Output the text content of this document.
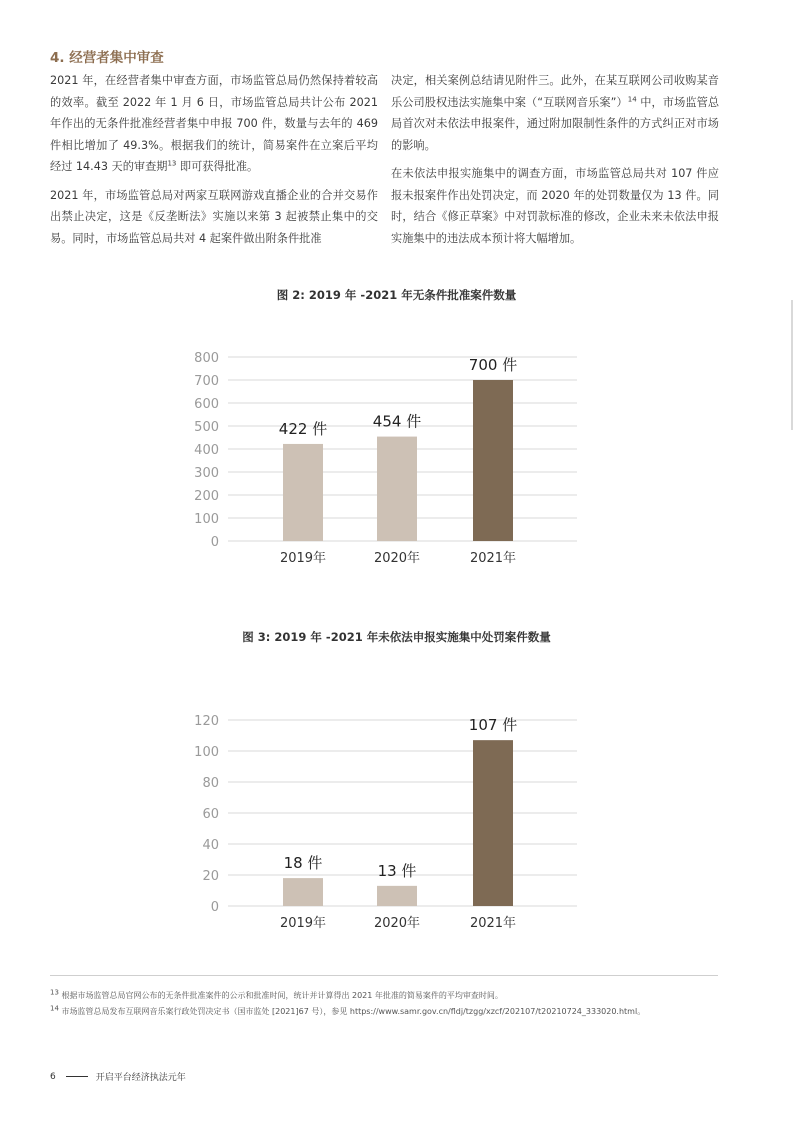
4. 经营者集中审查

2021 年，在经营者集中审查方面，市场监管总局仍然保持着较高的效率。截至 2022 年 1 月 6 日，市场监管总局共计公布 2021 年作出的无条件批准经营者集中申报 700 件，数量与去年的 469 件相比增加了 49.3%。根据我们的统计，简易案件在立案后平均经过 14.43 天的审查期$^{13}$ 即可获得批准。

2021 年，市场监管总局对两家互联网游戏直播企业的合并交易作出禁止决定，这是《反垄断法》实施以来第 3 起被禁止集中的交易。同时，市场监管总局共对 4 起案件做出附条件批准

决定，相关案例总结请见附件三。此外，在某互联网公司收购某音乐公司股权违法实施集中案（“互联网音乐案”）$^{14}$ 中，市场监管总局首次对未依法申报案件，通过附加限制性条件的方式纠正对市场的影响。

在未依法申报实施集中的调查方面，市场监管总局共对 107 件应报未报案件作出处罚决定，而 2020 年的处罚数量仅为 13 件。同时，结合《修正草案》中对罚款标准的修改，企业未来未依法申报实施集中的违法成本预计将大幅增加。

图 2: 2019 年 -2021 年无条件批准案件数量
0
100
200
300
400
500
600
700
800
422 件
2019年
454 件
2020年
700 件
2021年
图 3: 2019 年 -2021 年未依法申报实施集中处罚案件数量
0
20
40
60
80
100
120
18 件
2019年
13 件
2020年
107 件
2021年
13 根据市场监管总局官网公布的无条件批准案件的公示和批准时间，统计并计算得出 2021 年批准的简易案件的平均审查时间。
14 市场监管总局发布互联网音乐案行政处罚决定书（国市监处 [2021]67 号），参见 https://www.samr.gov.cn/fldj/tzgg/xzcf/202107/t20210724_333020.html。
6	开启平台经济执法元年
